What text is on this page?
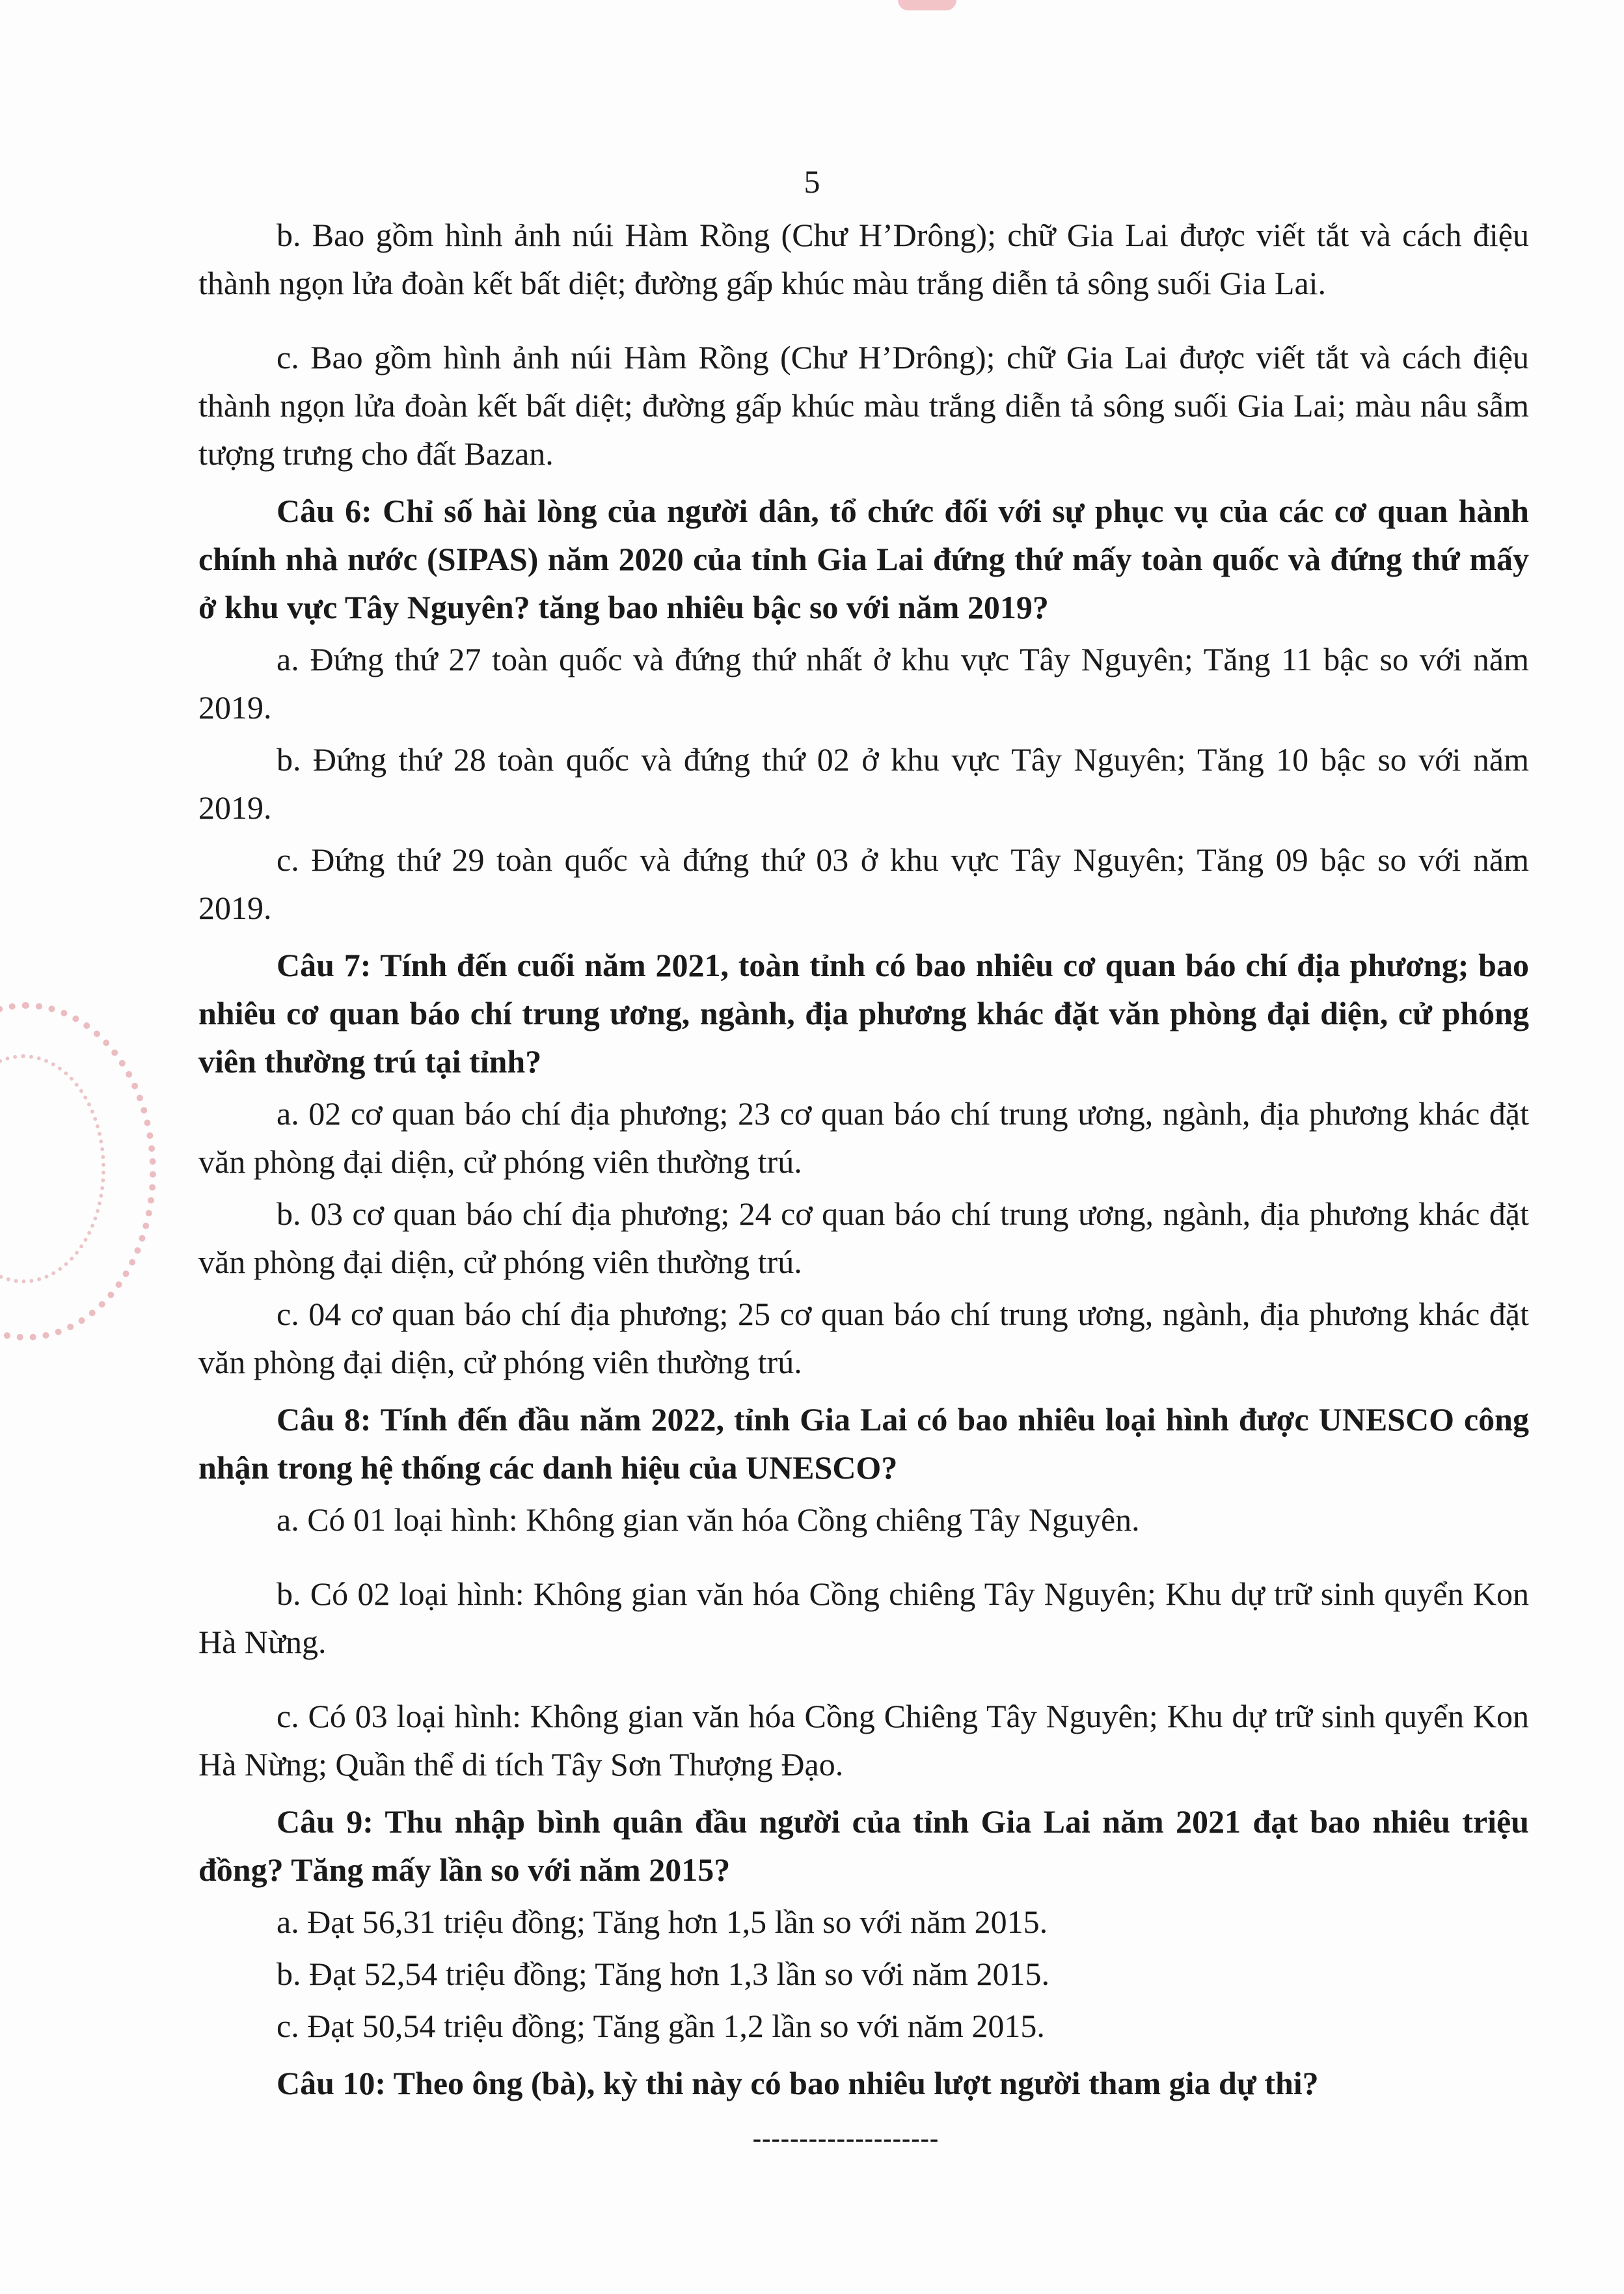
5

b. Bao gồm hình ảnh núi Hàm Rồng (Chư H’Drông); chữ Gia Lai được viết tắt và cách điệu thành ngọn lửa đoàn kết bất diệt; đường gấp khúc màu trắng diễn tả sông suối Gia Lai.

c. Bao gồm hình ảnh núi Hàm Rồng (Chư H’Drông); chữ Gia Lai được viết tắt và cách điệu thành ngọn lửa đoàn kết bất diệt; đường gấp khúc màu trắng diễn tả sông suối Gia Lai; màu nâu sẫm tượng trưng cho đất Bazan.

Câu 6: Chỉ số hài lòng của người dân, tổ chức đối với sự phục vụ của các cơ quan hành chính nhà nước (SIPAS) năm 2020 của tỉnh Gia Lai đứng thứ mấy toàn quốc và đứng thứ mấy ở khu vực Tây Nguyên? tăng bao nhiêu bậc so với năm 2019?

a. Đứng thứ 27 toàn quốc và đứng thứ nhất ở khu vực Tây Nguyên; Tăng 11 bậc so với năm 2019.

b. Đứng thứ 28 toàn quốc và đứng thứ 02 ở khu vực Tây Nguyên; Tăng 10 bậc so với năm 2019.

c. Đứng thứ 29 toàn quốc và đứng thứ 03 ở khu vực Tây Nguyên; Tăng 09 bậc so với năm 2019.

Câu 7: Tính đến cuối năm 2021, toàn tỉnh có bao nhiêu cơ quan báo chí địa phương; bao nhiêu cơ quan báo chí trung ương, ngành, địa phương khác đặt văn phòng đại diện, cử phóng viên thường trú tại tỉnh?

a. 02 cơ quan báo chí địa phương; 23 cơ quan báo chí trung ương, ngành, địa phương khác đặt văn phòng đại diện, cử phóng viên thường trú.

b. 03 cơ quan báo chí địa phương; 24 cơ quan báo chí trung ương, ngành, địa phương khác đặt văn phòng đại diện, cử phóng viên thường trú.

c. 04 cơ quan báo chí địa phương; 25 cơ quan báo chí trung ương, ngành, địa phương khác đặt văn phòng đại diện, cử phóng viên thường trú.

Câu 8: Tính đến đầu năm 2022, tỉnh Gia Lai có bao nhiêu loại hình được UNESCO công nhận trong hệ thống các danh hiệu của UNESCO?

a. Có 01 loại hình: Không gian văn hóa Cồng chiêng Tây Nguyên.

b. Có 02 loại hình: Không gian văn hóa Cồng chiêng Tây Nguyên; Khu dự trữ sinh quyển Kon Hà Nừng.

c. Có 03 loại hình: Không gian văn hóa Cồng Chiêng Tây Nguyên; Khu dự trữ sinh quyển Kon Hà Nừng; Quần thể di tích Tây Sơn Thượng Đạo.

Câu 9: Thu nhập bình quân đầu người của tỉnh Gia Lai năm 2021 đạt bao nhiêu triệu đồng? Tăng mấy lần so với năm 2015?

a. Đạt 56,31 triệu đồng; Tăng hơn 1,5 lần so với năm 2015.

b. Đạt 52,54 triệu đồng; Tăng hơn 1,3 lần so với năm 2015.

c. Đạt 50,54 triệu đồng; Tăng gần 1,2 lần so với năm 2015.

Câu 10: Theo ông (bà), kỳ thi này có bao nhiêu lượt người tham gia dự thi?

--------------------
